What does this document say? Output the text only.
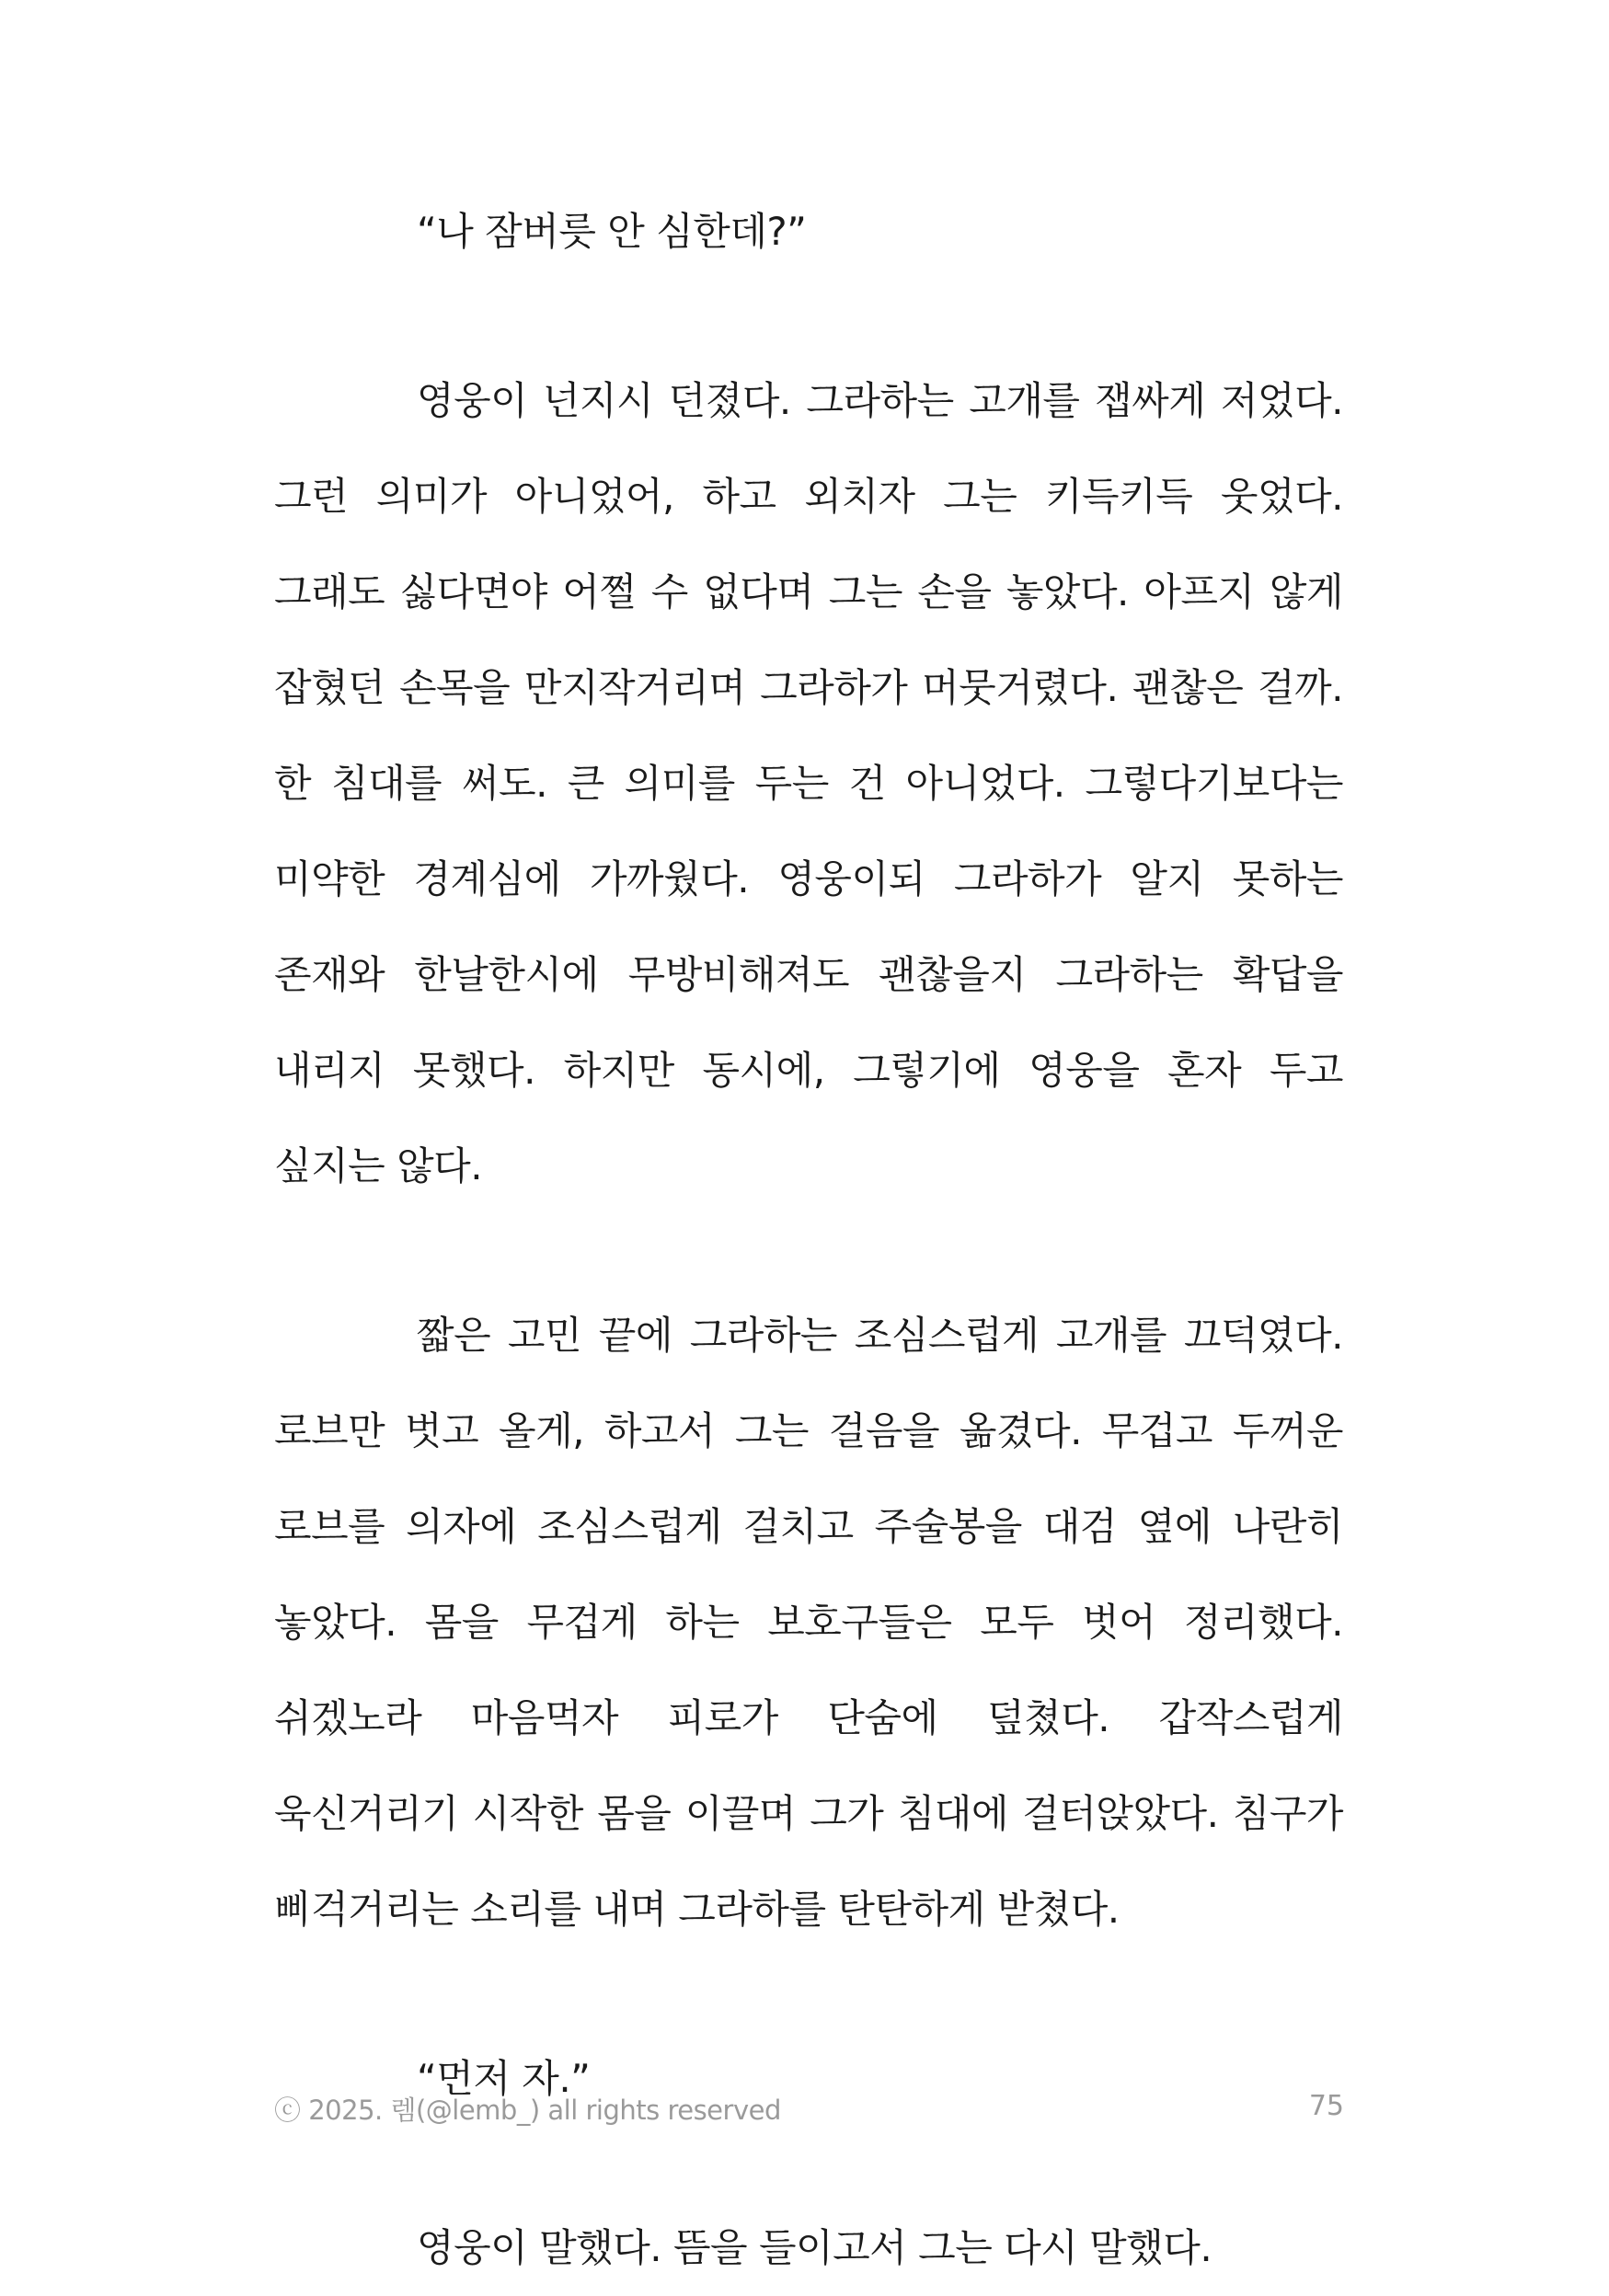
“나 잠버릇 안 심한데?”

영웅이 넌지시 던졌다. 그라하는 고개를 잽싸게 저었다. 그런 의미가 아니었어, 하고 외치자 그는 키득키득 웃었다. 그래도 싫다면야 어쩔 수 없다며 그는 손을 놓았다. 아프지 않게 잡혔던 손목을 만지작거리며 그라하가 머뭇거렸다. 괜찮은 걸까. 한 침대를 써도. 큰 의미를 두는 건 아니었다. 그렇다기보다는 미약한 경계심에 가까웠다. 영웅이되 그라하가 알지 못하는 존재와 한날한시에 무방비해져도 괜찮을지 그라하는 확답을 내리지 못했다. 하지만 동시에, 그렇기에 영웅을 혼자 두고 싶지는 않다.

짧은 고민 끝에 그라하는 조심스럽게 고개를 끄덕였다. 로브만 벗고 올게, 하고서 그는 걸음을 옮겼다. 무겁고 두꺼운 로브를 의자에 조심스럽게 걸치고 주술봉을 대검 옆에 나란히 놓았다. 몸을 무겁게 하는 보호구들은 모두 벗어 정리했다. 쉬겠노라 마음먹자 피로가 단숨에 덮쳤다. 갑작스럽게 욱신거리기 시작한 몸을 이끌며 그가 침대에 걸터앉았다. 침구가 삐걱거리는 소리를 내며 그라하를 탄탄하게 받쳤다.

“먼저 자.”

영웅이 말했다. 뜸을 들이고서 그는 다시 말했다.

ⓒ 2025. 렘(@lemb_) all rights reserved	75
